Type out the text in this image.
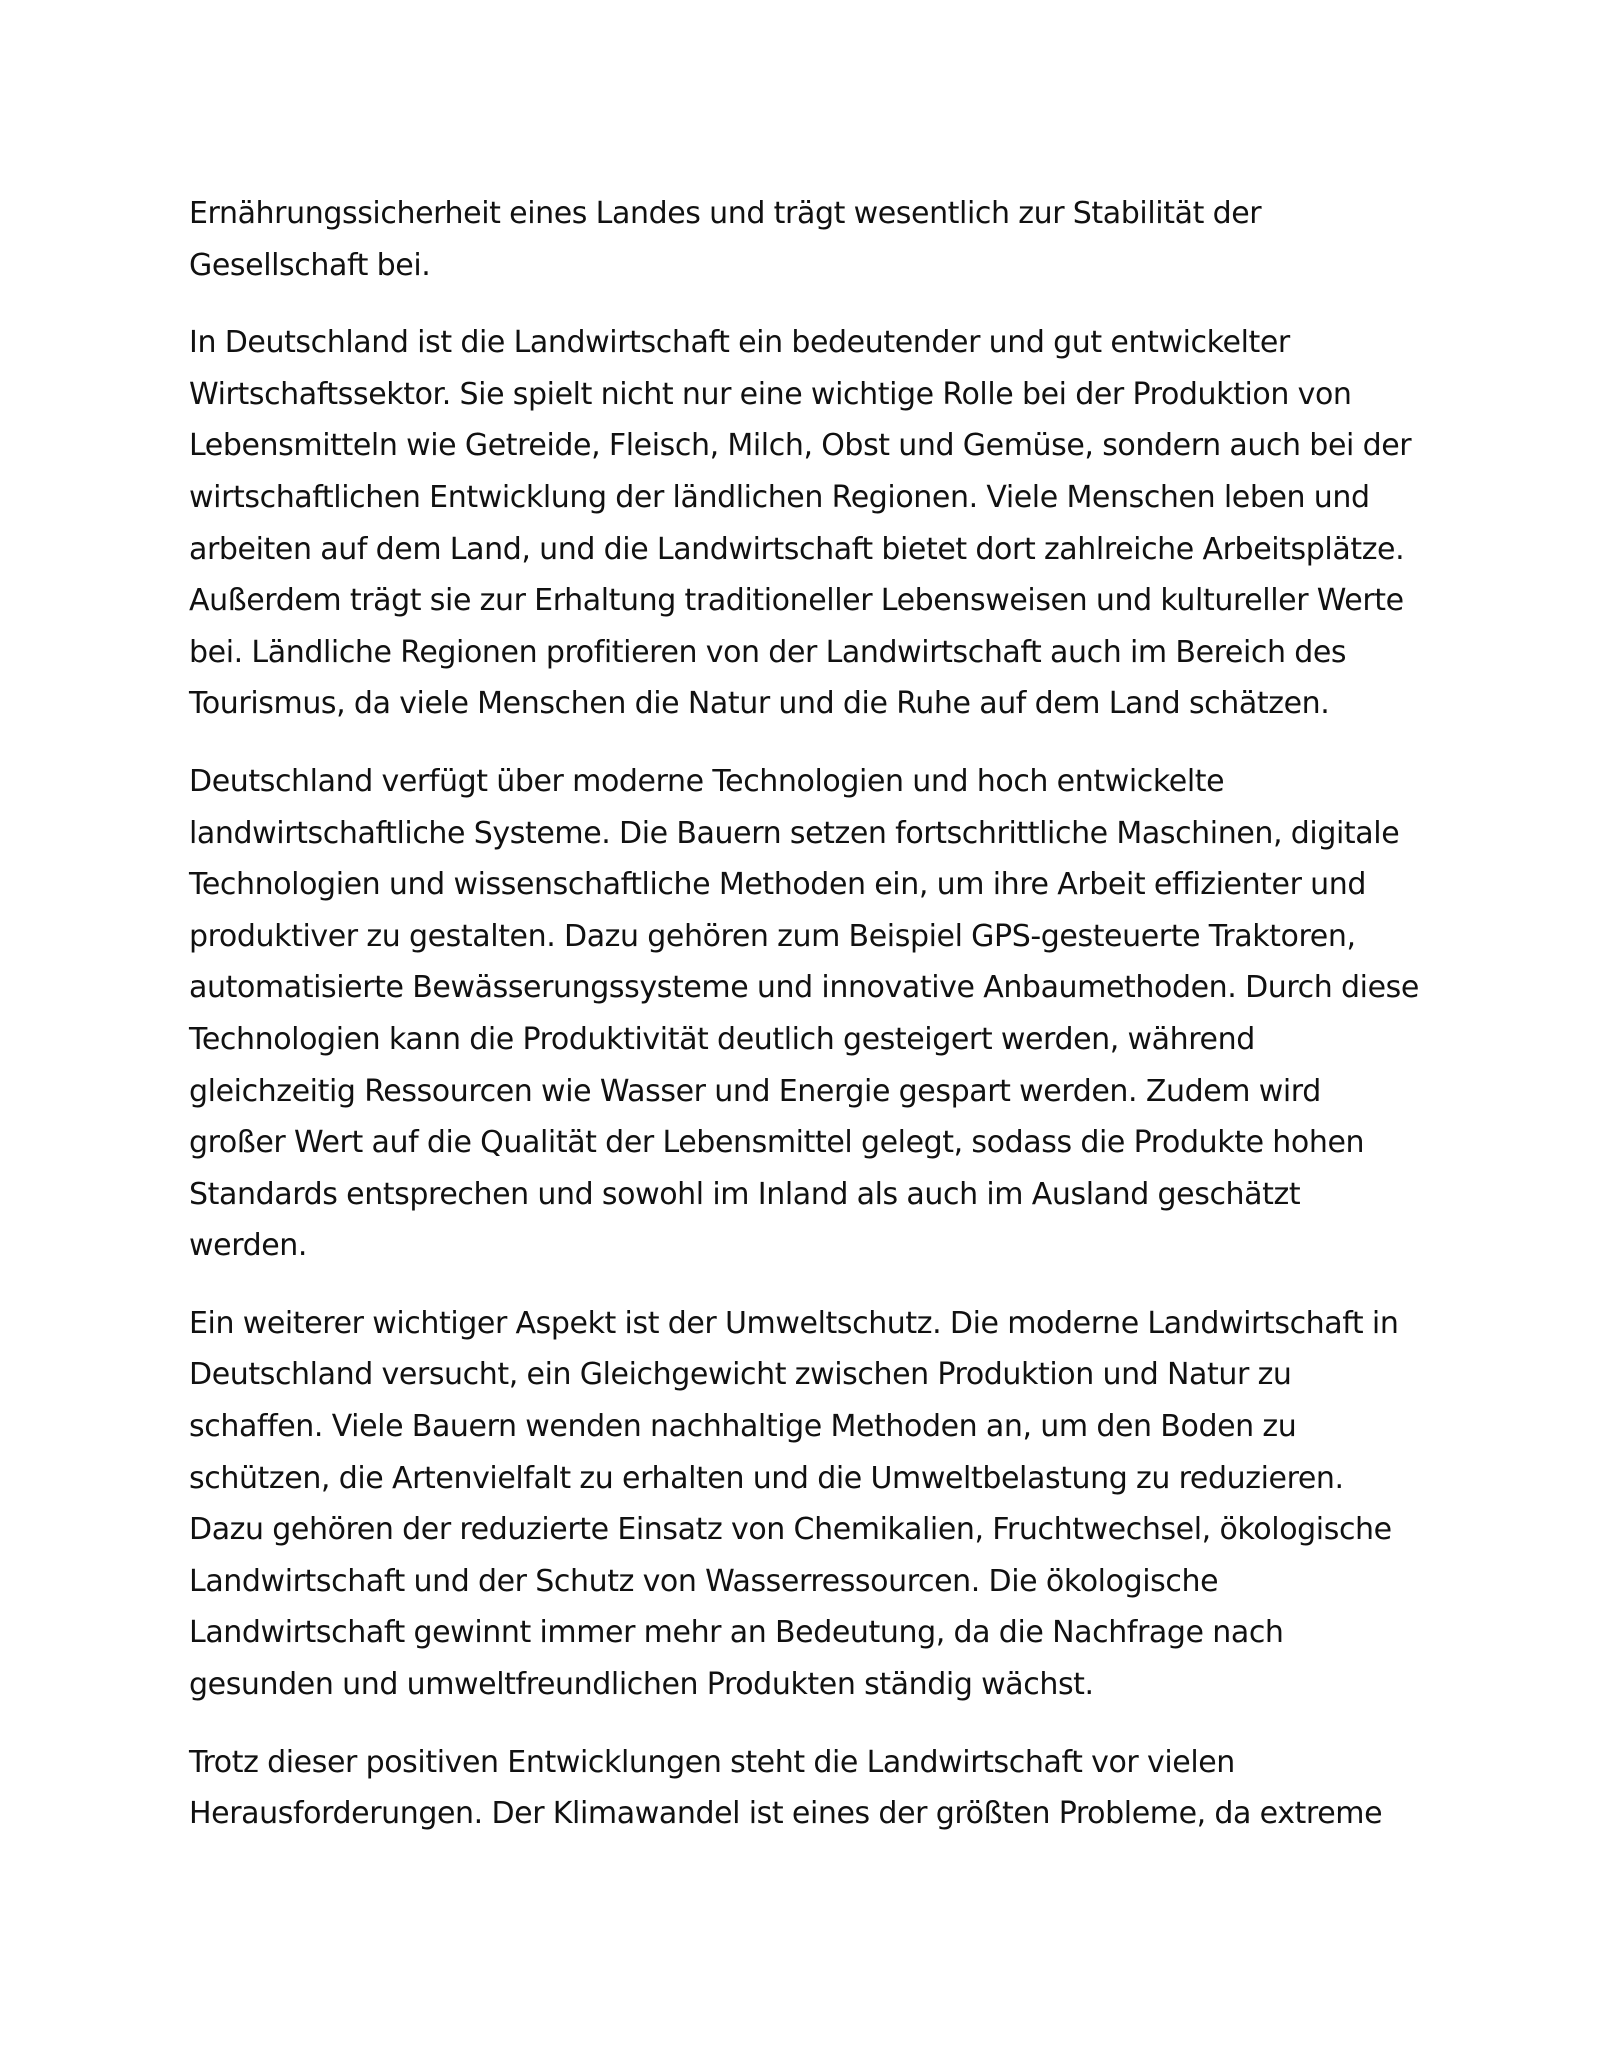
Ernährungssicherheit eines Landes und trägt wesentlich zur Stabilität der Gesellschaft bei.

In Deutschland ist die Landwirtschaft ein bedeutender und gut entwickelter Wirtschaftssektor. Sie spielt nicht nur eine wichtige Rolle bei der Produktion von Lebensmitteln wie Getreide, Fleisch, Milch, Obst und Gemüse, sondern auch bei der wirtschaftlichen Entwicklung der ländlichen Regionen. Viele Menschen leben und arbeiten auf dem Land, und die Landwirtschaft bietet dort zahlreiche Arbeitsplätze. Außerdem trägt sie zur Erhaltung traditioneller Lebensweisen und kultureller Werte bei. Ländliche Regionen profitieren von der Landwirtschaft auch im Bereich des Tourismus, da viele Menschen die Natur und die Ruhe auf dem Land schätzen.

Deutschland verfügt über moderne Technologien und hoch entwickelte landwirtschaftliche Systeme. Die Bauern setzen fortschrittliche Maschinen, digitale Technologien und wissenschaftliche Methoden ein, um ihre Arbeit effizienter und produktiver zu gestalten. Dazu gehören zum Beispiel GPS-gesteuerte Traktoren, automatisierte Bewässerungssysteme und innovative Anbaumethoden. Durch diese Technologien kann die Produktivität deutlich gesteigert werden, während gleichzeitig Ressourcen wie Wasser und Energie gespart werden. Zudem wird großer Wert auf die Qualität der Lebensmittel gelegt, sodass die Produkte hohen Standards entsprechen und sowohl im Inland als auch im Ausland geschätzt werden.

Ein weiterer wichtiger Aspekt ist der Umweltschutz. Die moderne Landwirtschaft in Deutschland versucht, ein Gleichgewicht zwischen Produktion und Natur zu schaffen. Viele Bauern wenden nachhaltige Methoden an, um den Boden zu schützen, die Artenvielfalt zu erhalten und die Umweltbelastung zu reduzieren. Dazu gehören der reduzierte Einsatz von Chemikalien, Fruchtwechsel, ökologische Landwirtschaft und der Schutz von Wasserressourcen. Die ökologische Landwirtschaft gewinnt immer mehr an Bedeutung, da die Nachfrage nach gesunden und umweltfreundlichen Produkten ständig wächst.

Trotz dieser positiven Entwicklungen steht die Landwirtschaft vor vielen Herausforderungen. Der Klimawandel ist eines der größten Probleme, da extreme
